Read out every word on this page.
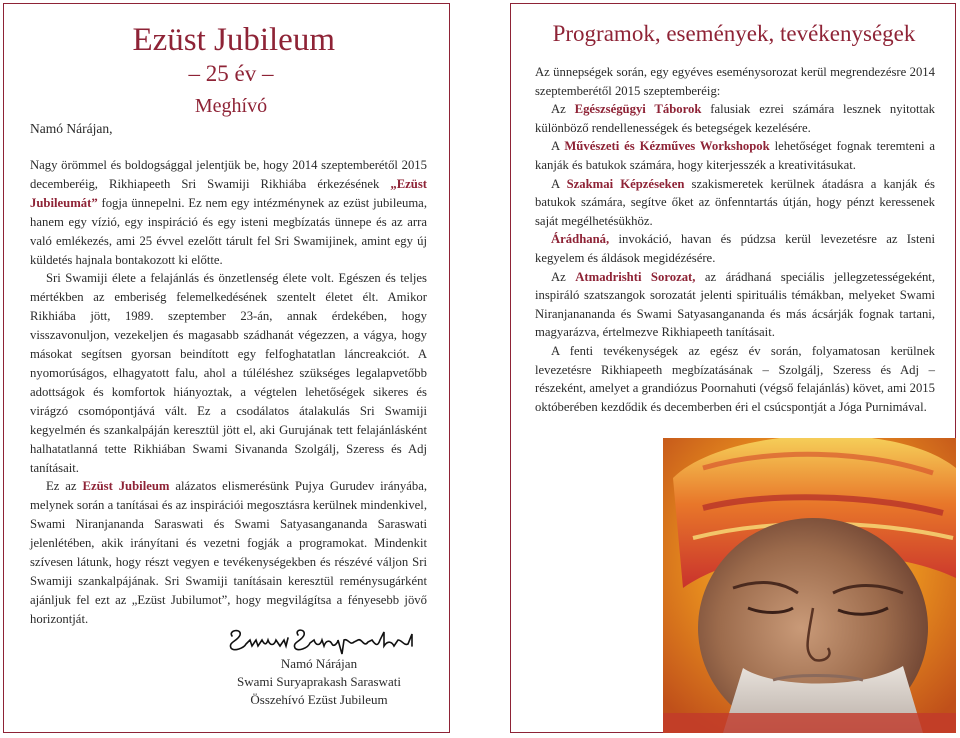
Ezüst Jubileum
– 25 év –
Meghívó
Namó Nárájan,

Nagy örömmel és boldogsággal jelentjük be, hogy 2014 szeptemberétől 2015 decemberéig, Rikhiapeeth Sri Swamiji Rikhiába érkezésének „Ezüst Jubileumát” fogja ünnepelni. Ez nem egy intézménynek az ezüst jubileuma, hanem egy vízió, egy inspiráció és egy isteni megbízatás ünnepe és az arra való emlékezés, ami 25 évvel ezelőtt tárult fel Sri Swamijinek, amint egy új küldetés hajnala bontakozott ki előtte.

Sri Swamiji élete a felajánlás és önzetlenség élete volt. Egészen és teljes mértékben az emberiség felemelkedésének szentelt életet élt. Amikor Rikhiába jött, 1989. szeptember 23-án, annak érdekében, hogy visszavonuljon, vezekeljen és magasabb szádhanát végezzen, a vágya, hogy másokat segítsen gyorsan beindított egy felfoghatatlan láncreakciót. A nyomorúságos, elhagyatott falu, ahol a túléléshez szükséges legalapvetőbb adottságok és komfortok hiányoztak, a végtelen lehetőségek sikeres és virágzó csomópontjává vált. Ez a csodálatos átalakulás Sri Swamiji kegyelmén és szankalpáján keresztül jött el, aki Gurujának tett felajánlásként halhatatlanná tette Rikhiában Swami Sivananda Szolgálj, Szeress és Adj tanításait.

Ez az Ezüst Jubileum alázatos elismerésünk Pujya Gurudev irányába, melynek során a tanításai és az inspirációi megosztásra kerülnek mindenkivel, Swami Niranjananda Saraswati és Swami Satyasangananda Saraswati jelenlétében, akik irányítani és vezetni fogják a programokat. Mindenkit szívesen látunk, hogy részt vegyen e tevékenységekben és részévé váljon Sri Swamiji szankalpájának. Sri Swamiji tanításain keresztül reménysugárként ajánljuk fel ezt az „Ezüst Jubilumot”, hogy megvilágítsa a fényesebb jövő horizontját.

Namó Nárájan
Swami Suryaprakash Saraswati
Összehívó Ezüst Jubileum
Programok, események, tevékenységek

Az ünnepségek során, egy egyéves eseménysorozat kerül megrendezésre 2014 szeptemberétől 2015 szeptemberéig:

Az Egészségügyi Táborok falusiak ezrei számára lesznek nyitottak különböző rendellenességek és betegségek kezelésére.

A Művészeti és Kézműves Workshopok lehetőséget fognak teremteni a kanják és batukok számára, hogy kiterjesszék a kreativitásukat.

A Szakmai Képzéseken szakismeretek kerülnek átadásra a kanják és batukok számára, segítve őket az önfenntartás útján, hogy pénzt keressenek saját megélhetésükhöz.

Árádhaná, invokáció, havan és púdzsa kerül levezetésre az Isteni kegyelem és áldások megidézésére.

Az Atmadrishti Sorozat, az árádhaná speciális jellegzetességeként, inspiráló szatszangok sorozatát jelenti spirituális témákban, melyeket Swami Niranjanananda és Swami Satyasangananda és más ácsárják fognak tartani, magyarázva, értelmezve Rikhiapeeth tanításait.

A fenti tevékenységek az egész év során, folyamatosan kerülnek levezetésre Rikhiapeeth megbízatásának – Szolgálj, Szeress és Adj – részeként, amelyet a grandiózus Poornahuti (végső felajánlás) követ, ami 2015 októberében kezdődik és decemberben éri el csúcspontját a Jóga Purnimával.
